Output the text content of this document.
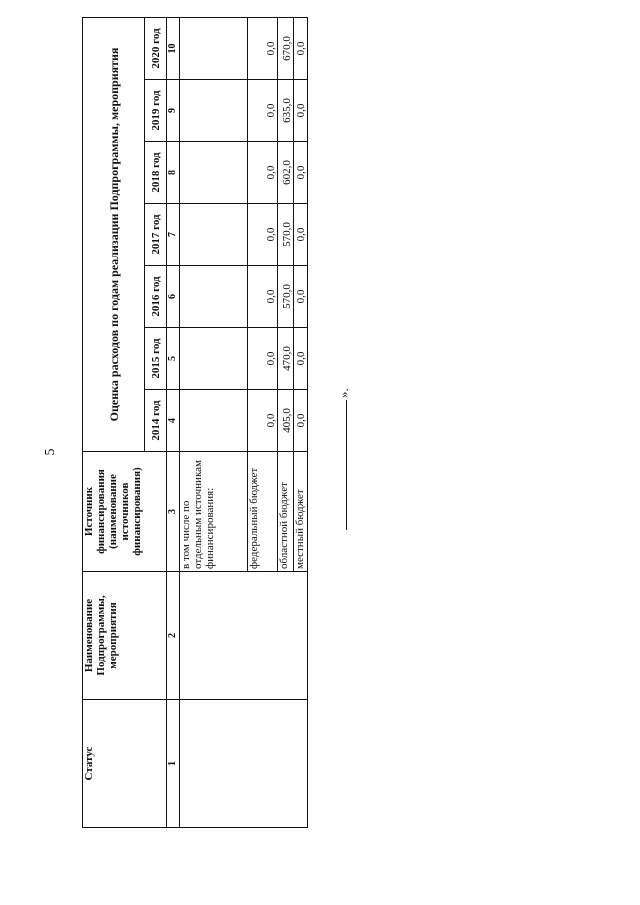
5
Статус	Наименование Подпрограммы, мероприятия	Источник финансирования (наименование источников финансирования)	Оценка расходов по годам реализации Подпрограммы, мероприятия						
			2014 год	2015 год	2016 год	2017 год	2018 год	2019 год	2020 год
1	2	3	4	5	6	7	8	9	10
		в том числе по отдельным источникам финансирования:							
		федеральный бюджет	0,0	0,0	0,0	0,0	0,0	0,0	0,0
		областной бюджет	405,0	470,0	570,0	570,0	602,0	635,0	670,0
		местный бюджет	0,0	0,0	0,0	0,0	0,0	0,0	0,0
».
